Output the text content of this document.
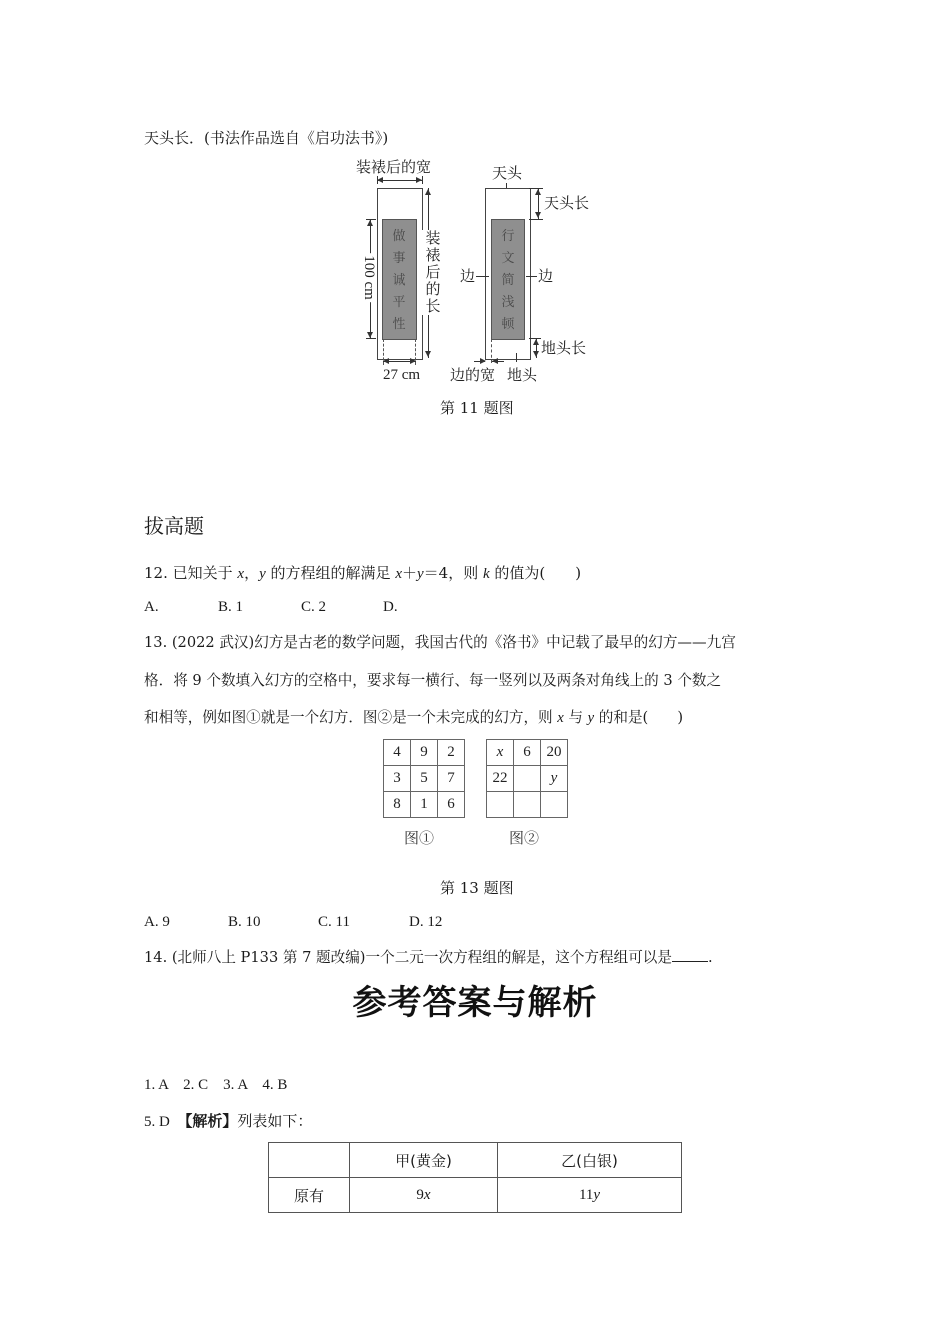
天头长．(书法作品选自《启功法书》)
装裱后的宽
做
事
诚
平
性
27 cm
100 cm
装
裱
后
的
长
天头
行
文
简
浅
顿
天头长
边	边
地头长
边的宽 地头
第 11 题图
拔高题
12. 已知关于 x，y 的方程组的解满足 x＋y＝4，则 k 的值为(　　)
A.	B. 1	C. 2	D.
13. (2022 武汉)幻方是古老的数学问题，我国古代的《洛书》中记载了最早的幻方——九宫
格．将 9 个数填入幻方的空格中，要求每一横行、每一竖列以及两条对角线上的 3 个数之
和相等，例如图①就是一个幻方．图②是一个未完成的幻方，则 x 与 y 的和是(　　)
4	9	2
3	5	7
8	1	6
图①
x	6	20
22		y

图②
第 13 题图
A. 9	B. 10	C. 11	D. 12
14. (北师八上 P133 第 7 题改编)一个二元一次方程组的解是，这个方程组可以是 .
参考答案与解析
1. A　2. C　3. A　4. B
5. D　【解析】列表如下：
	甲(黄金)	乙(白银)
原有	9x	11y
